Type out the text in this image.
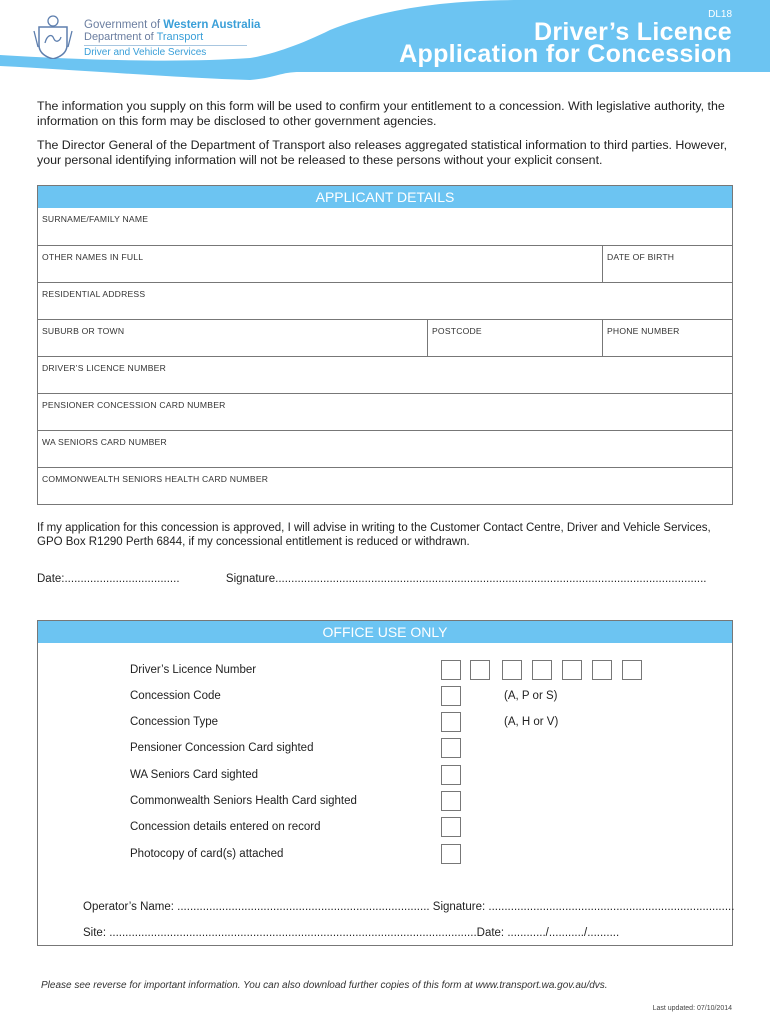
Government of Western Australia
Department of Transport
Driver and Vehicle Services
DL18
Driver’s Licence
Application for Concession
The information you supply on this form will be used to confirm your entitlement to a concession. With legislative authority, the information on this form may be disclosed to other government agencies.
The Director General of the Department of Transport also releases aggregated statistical information to third parties. However, your personal identifying information will not be released to these persons without your explicit consent.
APPLICANT DETAILS
SURNAME/FAMILY NAME
OTHER NAMES IN FULL	DATE OF BIRTH
RESIDENTIAL ADDRESS
SUBURB OR TOWN	POSTCODE	PHONE NUMBER
DRIVER’S LICENCE NUMBER
PENSIONER CONCESSION CARD NUMBER
WA SENIORS CARD NUMBER
COMMONWEALTH SENIORS HEALTH CARD NUMBER
If my application for this concession is approved, I will advise in writing to the Customer Contact Centre, Driver and Vehicle Services, GPO Box R1290 Perth 6844, if my concessional entitlement is reduced or withdrawn.
Date:....................................	Signature.......................................................................................................................................
OFFICE USE ONLY
Driver’s Licence Number
Concession Code	(A, P or S)
Concession Type	(A, H or V)
Pensioner Concession Card sighted
WA Seniors Card sighted
Commonwealth Seniors Health Card sighted
Concession details entered on record
Photocopy of card(s) attached
Operator’s Name: ............................................................................... Signature: .............................................................................
Site: ...................................................................................................................Date: ............/.........../..........
Please see reverse for important information. You can also download further copies of this form at www.transport.wa.gov.au/dvs.
Last updated: 07/10/2014
